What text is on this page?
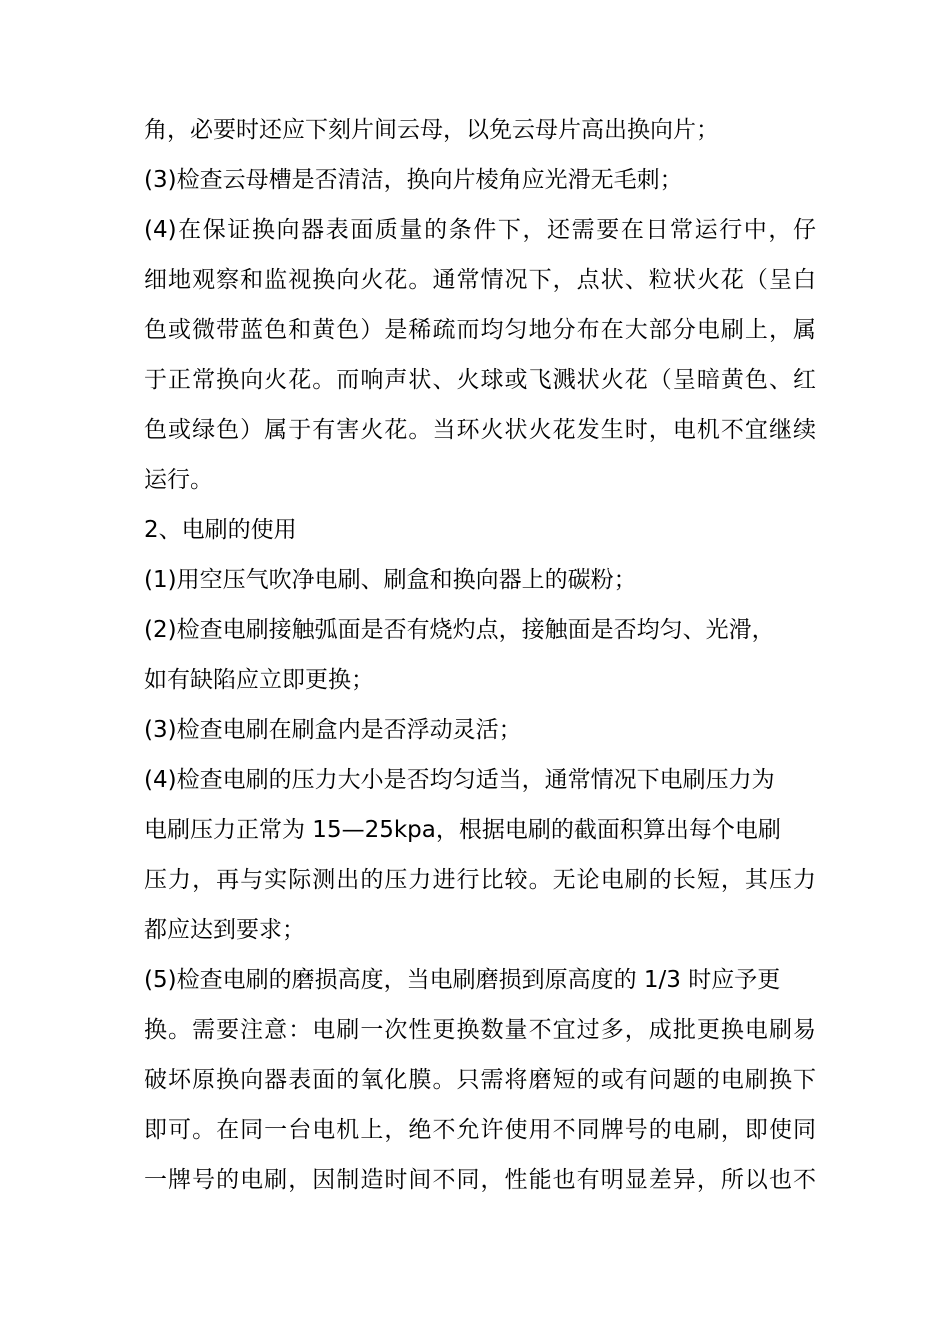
角，必要时还应下刻片间云母，以免云母片高出换向片；
(3)检查云母槽是否清洁，换向片棱角应光滑无毛刺；
(4)在保证换向器表面质量的条件下，还需要在日常运行中，仔
细地观察和监视换向火花。通常情况下，点状、粒状火花（呈白
色或微带蓝色和黄色）是稀疏而均匀地分布在大部分电刷上，属
于正常换向火花。而响声状、火球或飞溅状火花（呈暗黄色、红
色或绿色）属于有害火花。当环火状火花发生时，电机不宜继续
运行。
2、电刷的使用
(1)用空压气吹净电刷、刷盒和换向器上的碳粉；
(2)检查电刷接触弧面是否有烧灼点，接触面是否均匀、光滑，
如有缺陷应立即更换；
(3)检查电刷在刷盒内是否浮动灵活；
(4)检查电刷的压力大小是否均匀适当，通常情况下电刷压力为
电刷压力正常为 15—25kpa，根据电刷的截面积算出每个电刷
压力，再与实际测出的压力进行比较。无论电刷的长短，其压力
都应达到要求；
(5)检查电刷的磨损高度，当电刷磨损到原高度的 1/3 时应予更
换。需要注意：电刷一次性更换数量不宜过多，成批更换电刷易
破坏原换向器表面的氧化膜。只需将磨短的或有问题的电刷换下
即可。在同一台电机上，绝不允许使用不同牌号的电刷，即使同
一牌号的电刷，因制造时间不同，性能也有明显差异，所以也不
